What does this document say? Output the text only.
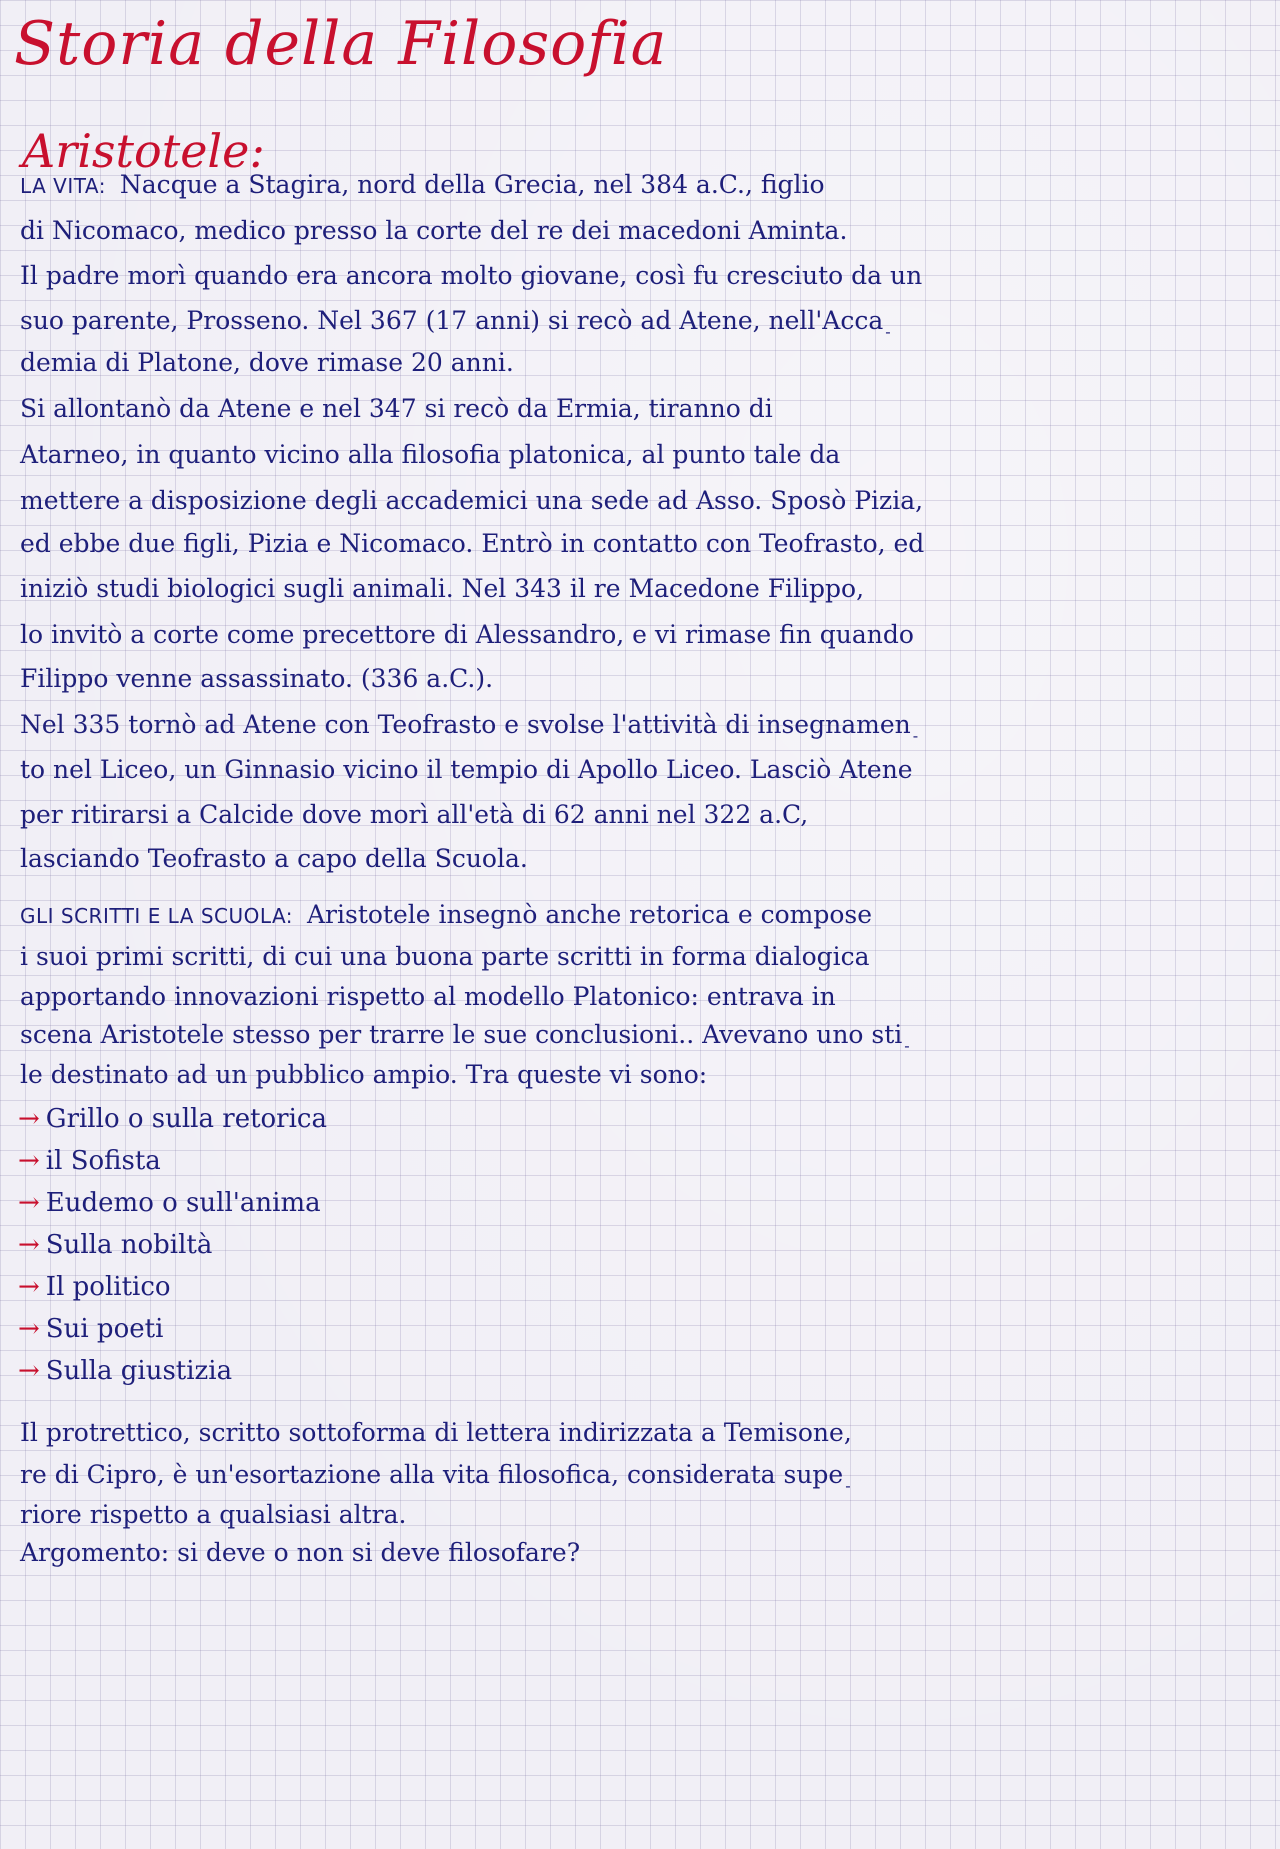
Storia della Filosofia
Aristotele:
LA VITA: Nacque a Stagira, nord della Grecia, nel 384 a.C., figlio
di Nicomaco, medico presso la corte del re dei macedoni Aminta.
Il padre morì quando era ancora molto giovane, così fu cresciuto da un
suo parente, Prosseno. Nel 367 (17 anni) si recò ad Atene, nell'Acca $_-$
demia di Platone, dove rimase 20 anni.
Si allontanò da Atene e nel 347 si recò da Ermia, tiranno di
Atarneo, in quanto vicino alla filosofia platonica, al punto tale da
mettere a disposizione degli accademici una sede ad Asso. Sposò Pizia,
ed ebbe due figli, Pizia e Nicomaco. Entrò in contatto con Teofrasto, ed
iniziò studi biologici sugli animali. Nel 343 il re Macedone Filippo,
lo invitò a corte come precettore di Alessandro, e vi rimase fin quando
Filippo venne assassinato. (336 a.C.).
Nel 335 tornò ad Atene con Teofrasto e svolse l'attività di insegnamen $_-$
to nel Liceo, un Ginnasio vicino il tempio di Apollo Liceo. Lasciò Atene
per ritirarsi a Calcide dove morì all'età di 62 anni nel 322 a.C,
lasciando Teofrasto a capo della Scuola.
GLI SCRITTI E LA SCUOLA: Aristotele insegnò anche retorica e compose
i suoi primi scritti, di cui una buona parte scritti in forma dialogica
apportando innovazioni rispetto al modello Platonico: entrava in
scena Aristotele stesso per trarre le sue conclusioni.. Avevano uno sti $_-$
le destinato ad un pubblico ampio. Tra queste vi sono:
→ Grillo o sulla retorica
→ il Sofista
→ Eudemo o sull'anima
→ Sulla nobiltà
→ Il politico
→ Sui poeti
→ Sulla giustizia
Il protrettico, scritto sottoforma di lettera indirizzata a Temisone,
re di Cipro, è un'esortazione alla vita filosofica, considerata supe $_-$
riore rispetto a qualsiasi altra.
Argomento: si deve o non si deve filosofare?
